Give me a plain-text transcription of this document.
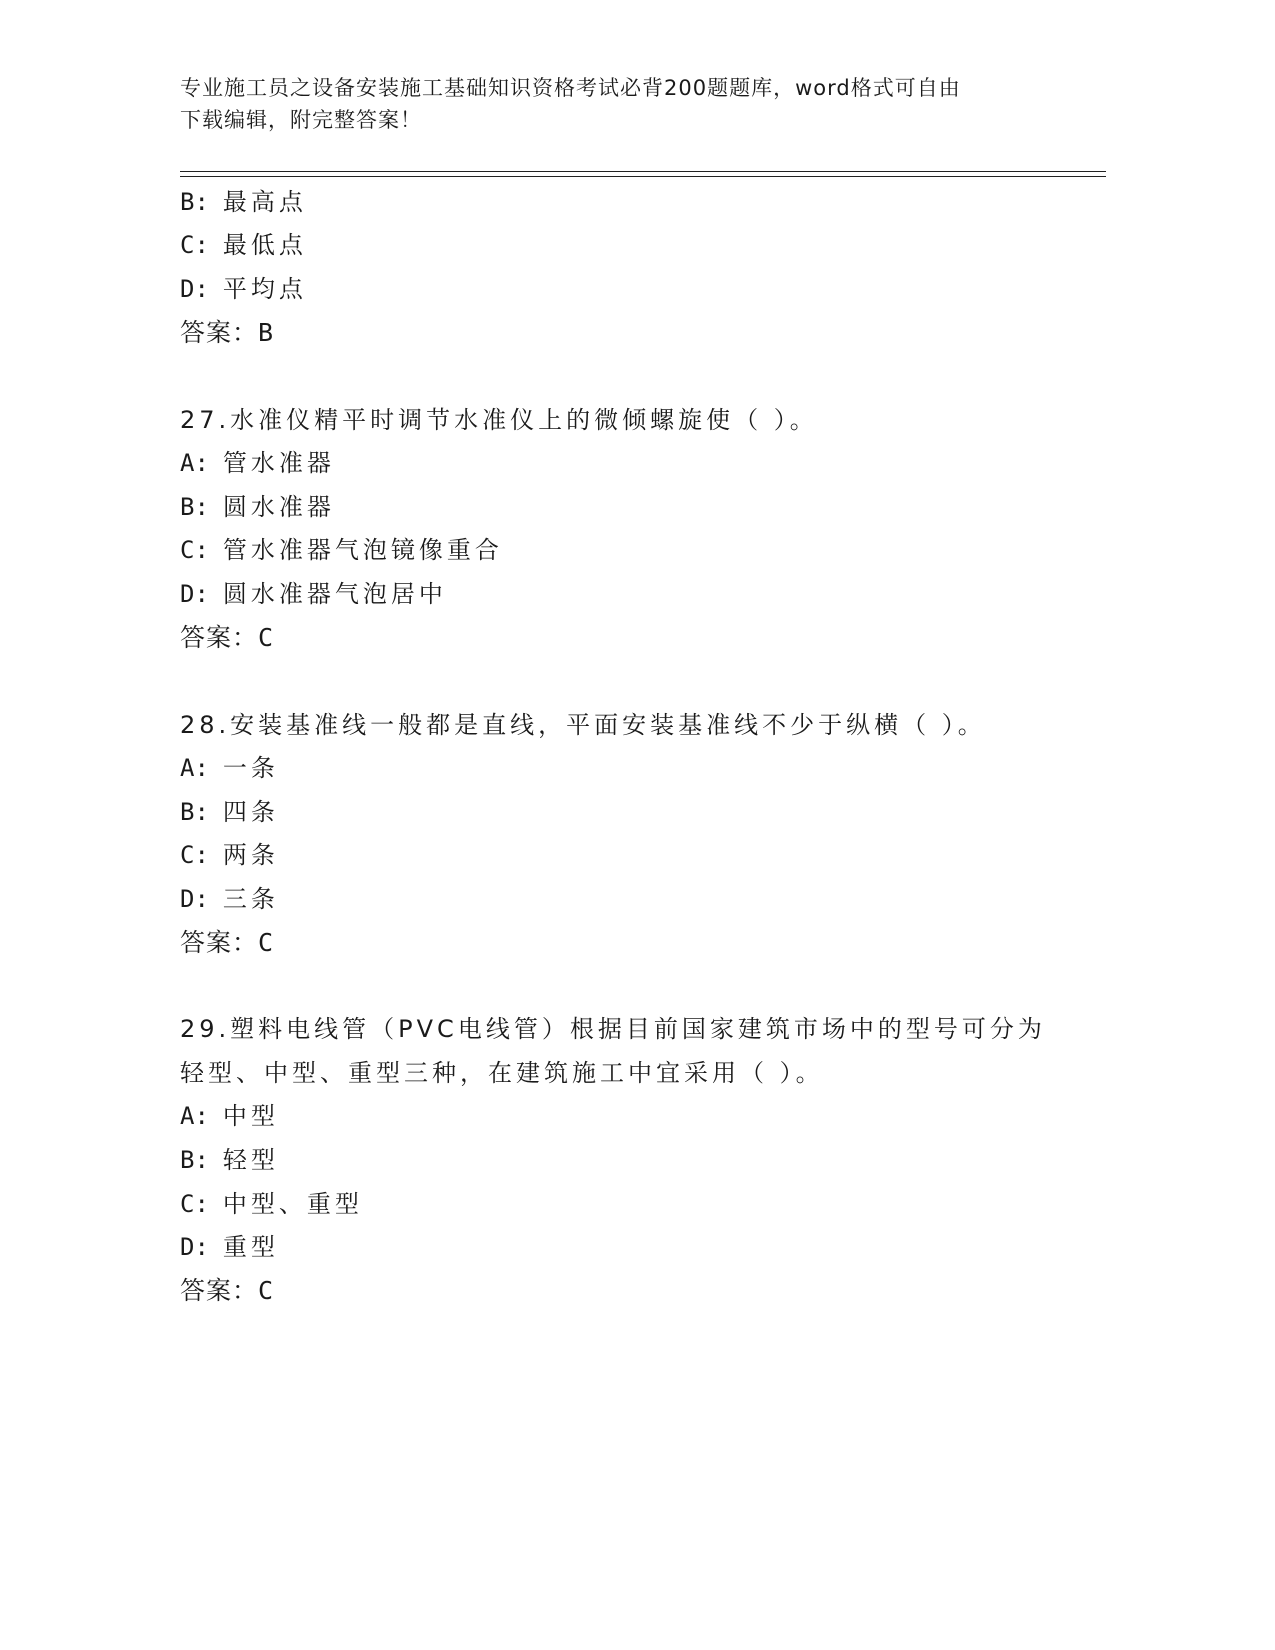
专业施工员之设备安装施工基础知识资格考试必背200题题库，word格式可自由
下载编辑，附完整答案！
B: 最高点
C: 最低点
D: 平均点
答案：B
27.水准仪精平时调节水准仪上的微倾螺旋使（ ）。
A: 管水准器
B: 圆水准器
C: 管水准器气泡镜像重合
D: 圆水准器气泡居中
答案：C
28.安装基准线一般都是直线，平面安装基准线不少于纵横（ ）。
A: 一条
B: 四条
C: 两条
D: 三条
答案：C
29.塑料电线管（PVC电线管）根据目前国家建筑市场中的型号可分为
轻型、中型、重型三种，在建筑施工中宜采用（ ）。
A: 中型
B: 轻型
C: 中型、重型
D: 重型
答案：C
